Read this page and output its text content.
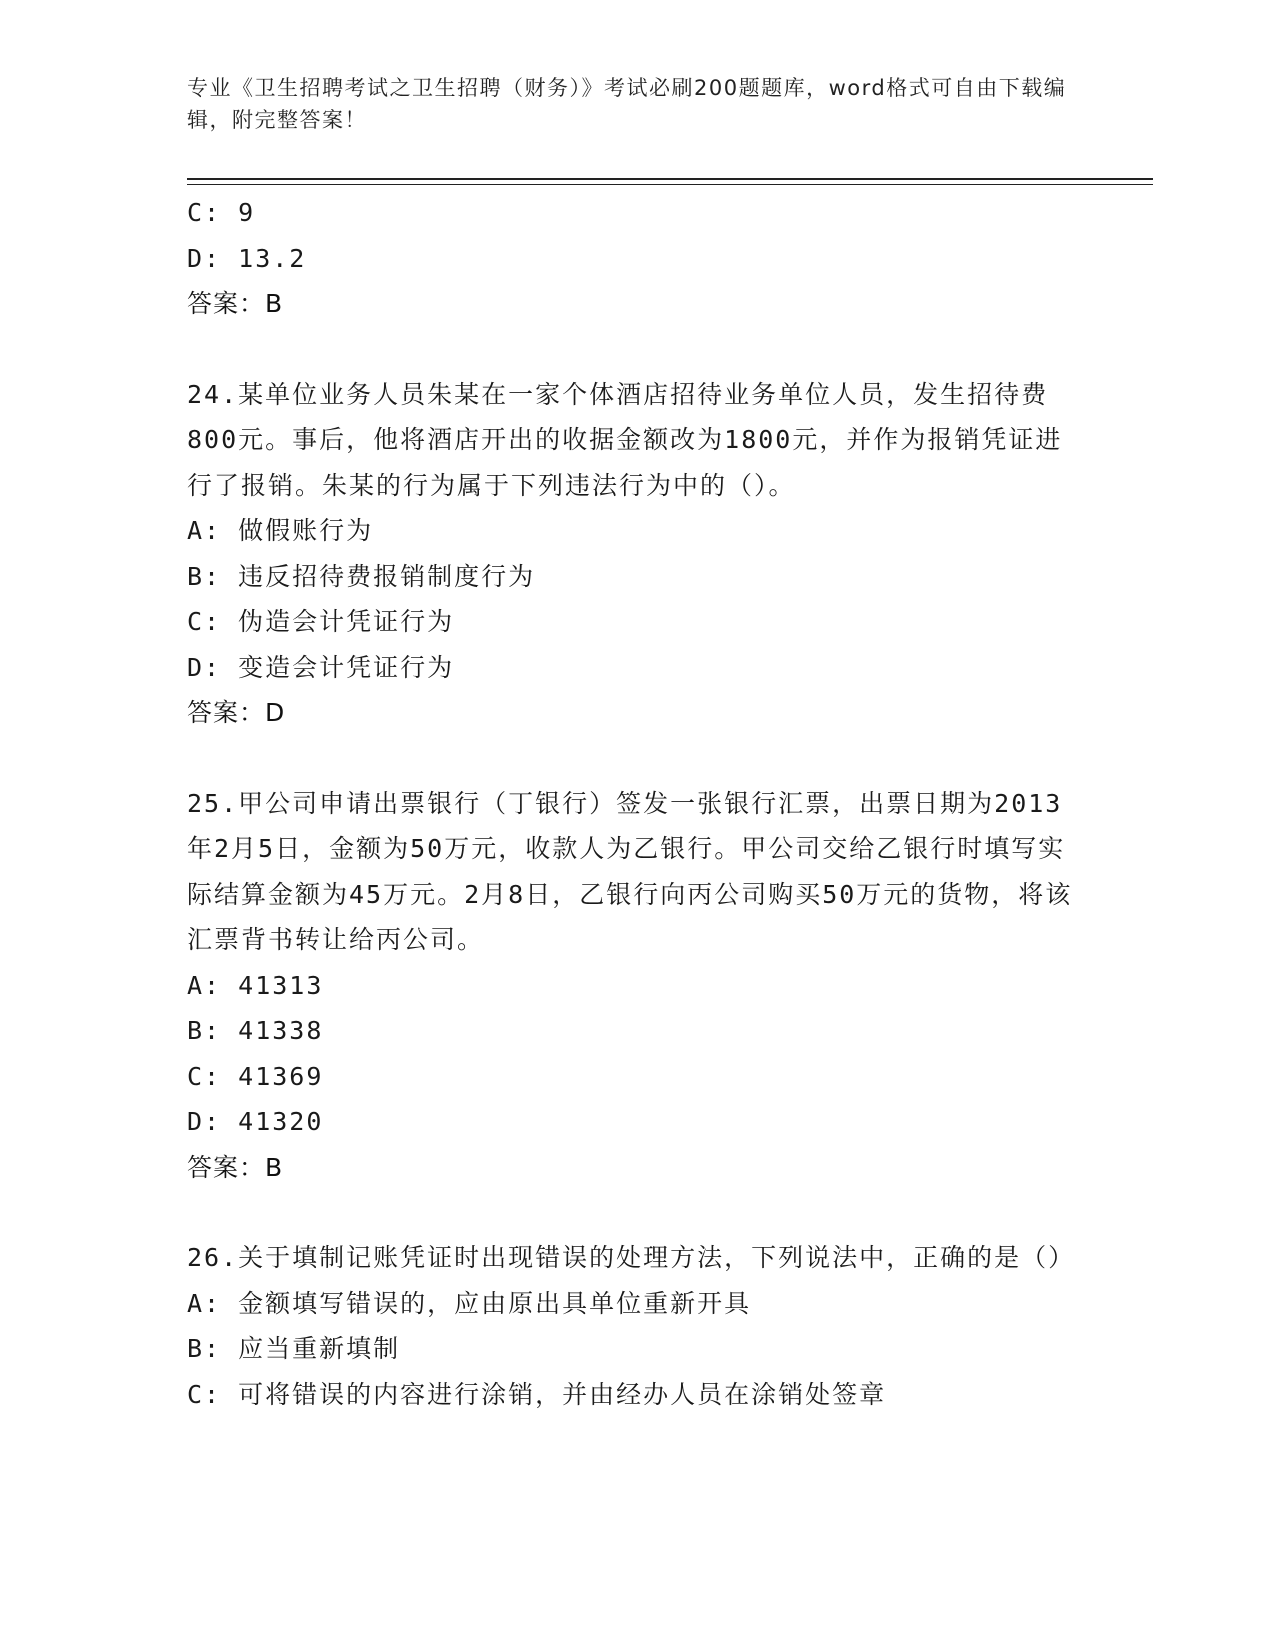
专业《卫生招聘考试之卫生招聘（财务）》考试必刷200题题库，word格式可自由下载编辑，附完整答案！
C: 9
D: 13.2
答案：B
24.某单位业务人员朱某在一家个体酒店招待业务单位人员，发生招待费800元。事后，他将酒店开出的收据金额改为1800元，并作为报销凭证进行了报销。朱某的行为属于下列违法行为中的（）。
A: 做假账行为
B: 违反招待费报销制度行为
C: 伪造会计凭证行为
D: 变造会计凭证行为
答案：D
25.甲公司申请出票银行（丁银行）签发一张银行汇票，出票日期为2013年2月5日，金额为50万元，收款人为乙银行。甲公司交给乙银行时填写实际结算金额为45万元。2月8日，乙银行向丙公司购买50万元的货物，将该汇票背书转让给丙公司。
A: 41313
B: 41338
C: 41369
D: 41320
答案：B
26.关于填制记账凭证时出现错误的处理方法，下列说法中，正确的是（）
A: 金额填写错误的，应由原出具单位重新开具
B: 应当重新填制
C: 可将错误的内容进行涂销，并由经办人员在涂销处签章
